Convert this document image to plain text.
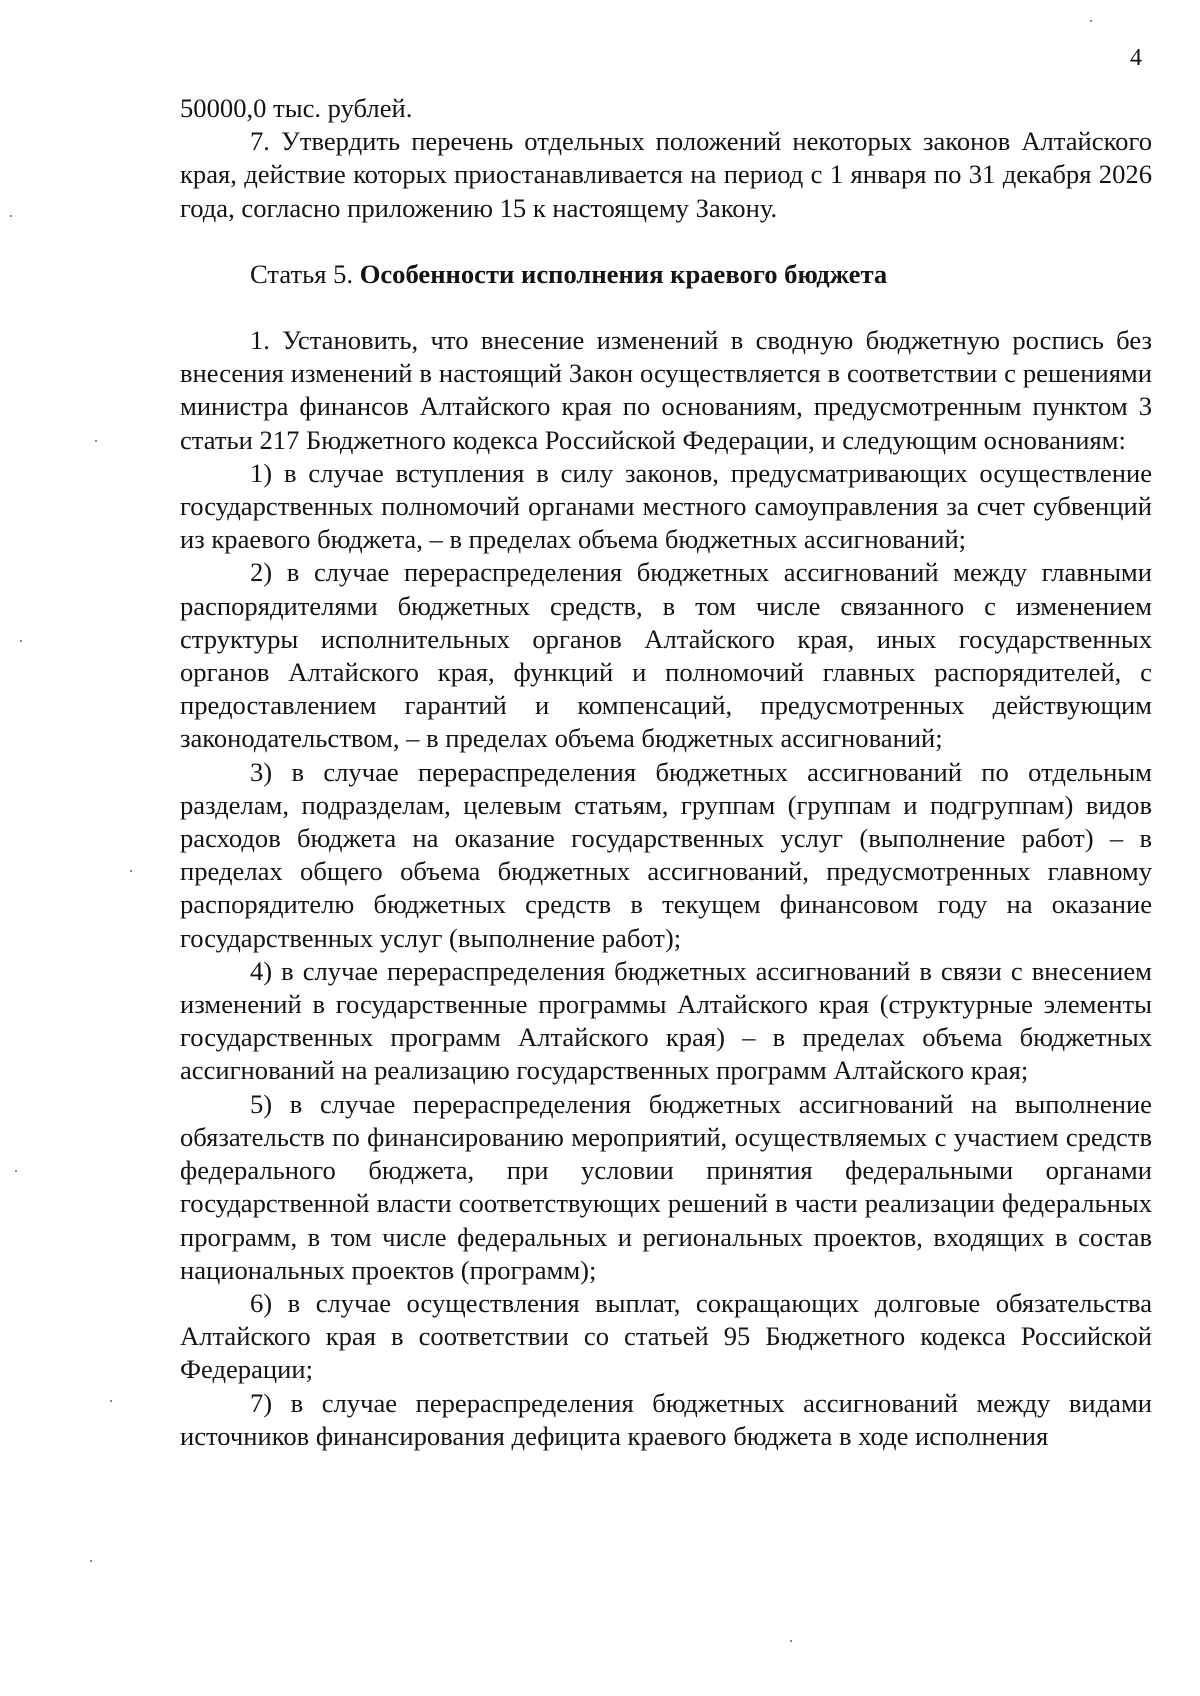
4

50000,0 тыс. рублей.

7. Утвердить перечень отдельных положений некоторых законов Алтайского края, действие которых приостанавливается на период с 1 января по 31 декабря 2026 года, согласно приложению 15 к настоящему Закону.

Статья 5. Особенности исполнения краевого бюджета

1. Установить, что внесение изменений в сводную бюджетную роспись без внесения изменений в настоящий Закон осуществляется в соответствии с решениями министра финансов Алтайского края по основаниям, предусмотренным пунктом 3 статьи 217 Бюджетного кодекса Российской Федерации, и следующим основаниям:

1) в случае вступления в силу законов, предусматривающих осуществление государственных полномочий органами местного самоуправления за счет субвенций из краевого бюджета, – в пределах объема бюджетных ассигнований;

2) в случае перераспределения бюджетных ассигнований между главными распорядителями бюджетных средств, в том числе связанного с изменением структуры исполнительных органов Алтайского края, иных государственных органов Алтайского края, функций и полномочий главных распорядителей, с предоставлением гарантий и компенсаций, предусмотренных действующим законодательством, – в пределах объема бюджетных ассигнований;

3) в случае перераспределения бюджетных ассигнований по отдельным разделам, подразделам, целевым статьям, группам (группам и подгруппам) видов расходов бюджета на оказание государственных услуг (выполнение работ) – в пределах общего объема бюджетных ассигнований, предусмотренных главному распорядителю бюджетных средств в текущем финансовом году на оказание государственных услуг (выполнение работ);

4) в случае перераспределения бюджетных ассигнований в связи с внесением изменений в государственные программы Алтайского края (структурные элементы государственных программ Алтайского края) – в пределах объема бюджетных ассигнований на реализацию государственных программ Алтайского края;

5) в случае перераспределения бюджетных ассигнований на выполнение обязательств по финансированию мероприятий, осуществляемых с участием средств федерального бюджета, при условии принятия федеральными органами государственной власти соответствующих решений в части реализации федеральных программ, в том числе федеральных и региональных проектов, входящих в состав национальных проектов (программ);

6) в случае осуществления выплат, сокращающих долговые обязательства Алтайского края в соответствии со статьей 95 Бюджетного кодекса Российской Федерации;

7) в случае перераспределения бюджетных ассигнований между видами источников финансирования дефицита краевого бюджета в ходе исполнения
